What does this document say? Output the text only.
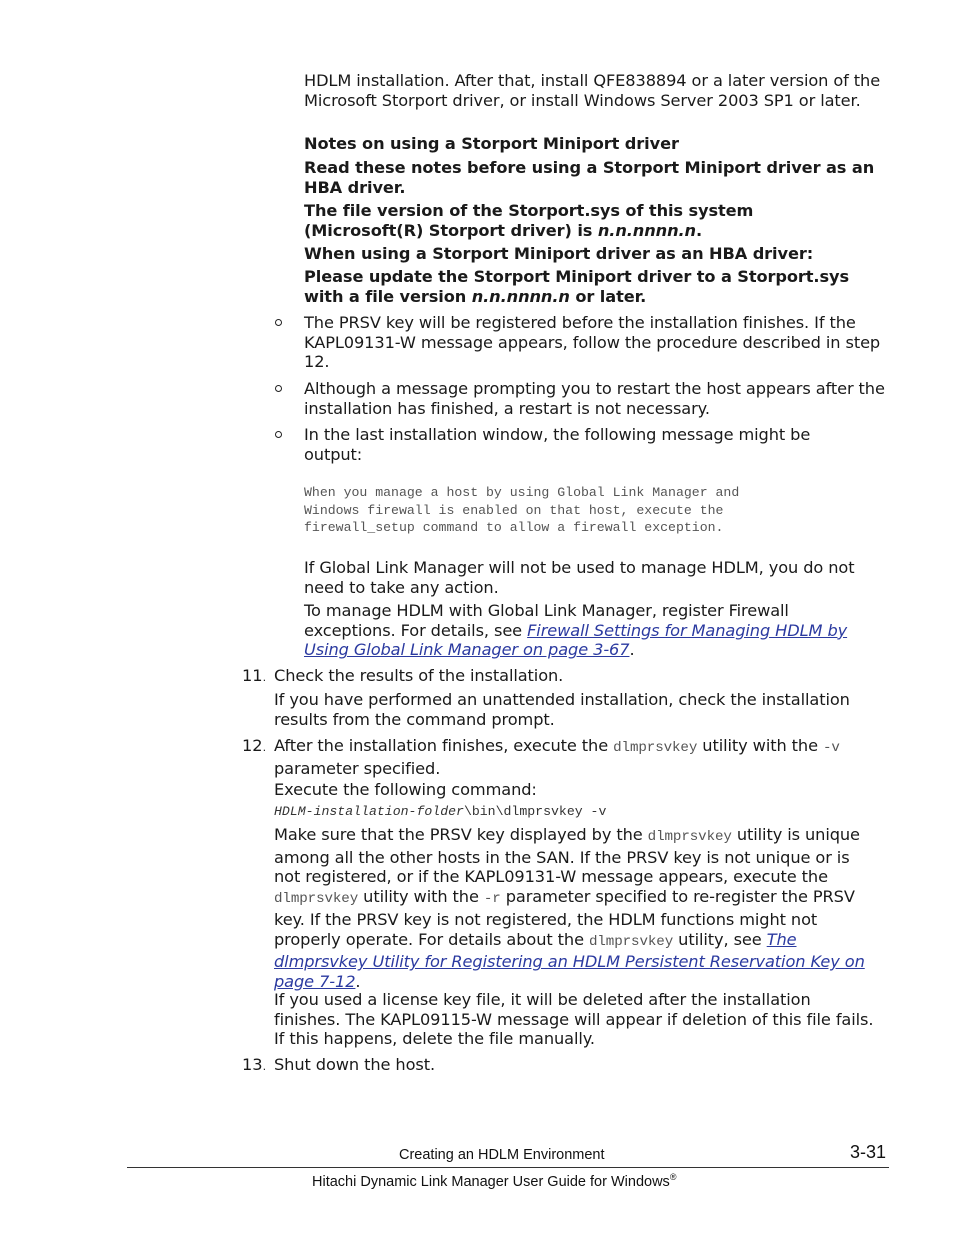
HDLM installation. After that, install QFE838894 or a later version of the Microsoft Storport driver, or install Windows Server 2003 SP1 or later.

Notes on using a Storport Miniport driver

Read these notes before using a Storport Miniport driver as an HBA driver.

The file version of the Storport.sys of this system (Microsoft(R) Storport driver) is n.n.nnnn.n.

When using a Storport Miniport driver as an HBA driver:

Please update the Storport Miniport driver to a Storport.sys with a file version n.n.nnnn.n or later.

The PRSV key will be registered before the installation finishes. If the KAPL09131-W message appears, follow the procedure described in step 12.

Although a message prompting you to restart the host appears after the installation has finished, a restart is not necessary.

In the last installation window, the following message might be output:

When you manage a host by using Global Link Manager and
Windows firewall is enabled on that host, execute the
firewall_setup command to allow a firewall exception.

If Global Link Manager will not be used to manage HDLM, you do not need to take any action.

To manage HDLM with Global Link Manager, register Firewall exceptions. For details, see Firewall Settings for Managing HDLM by Using Global Link Manager on page 3-67.

11. Check the results of the installation.

If you have performed an unattended installation, check the installation results from the command prompt.

12. After the installation finishes, execute the dlmprsvkey utility with the -v parameter specified.

Execute the following command:

HDLM-installation-folder\bin\dlmprsvkey -v

Make sure that the PRSV key displayed by the dlmprsvkey utility is unique among all the other hosts in the SAN. If the PRSV key is not unique or is not registered, or if the KAPL09131-W message appears, execute the dlmprsvkey utility with the -r parameter specified to re-register the PRSV key. If the PRSV key is not registered, the HDLM functions might not properly operate. For details about the dlmprsvkey utility, see The dlmprsvkey Utility for Registering an HDLM Persistent Reservation Key on page 7-12.

If you used a license key file, it will be deleted after the installation finishes. The KAPL09115-W message will appear if deletion of this file fails. If this happens, delete the file manually.

13. Shut down the host.

Creating an HDLM Environment	3-31
Hitachi Dynamic Link Manager User Guide for Windows®
